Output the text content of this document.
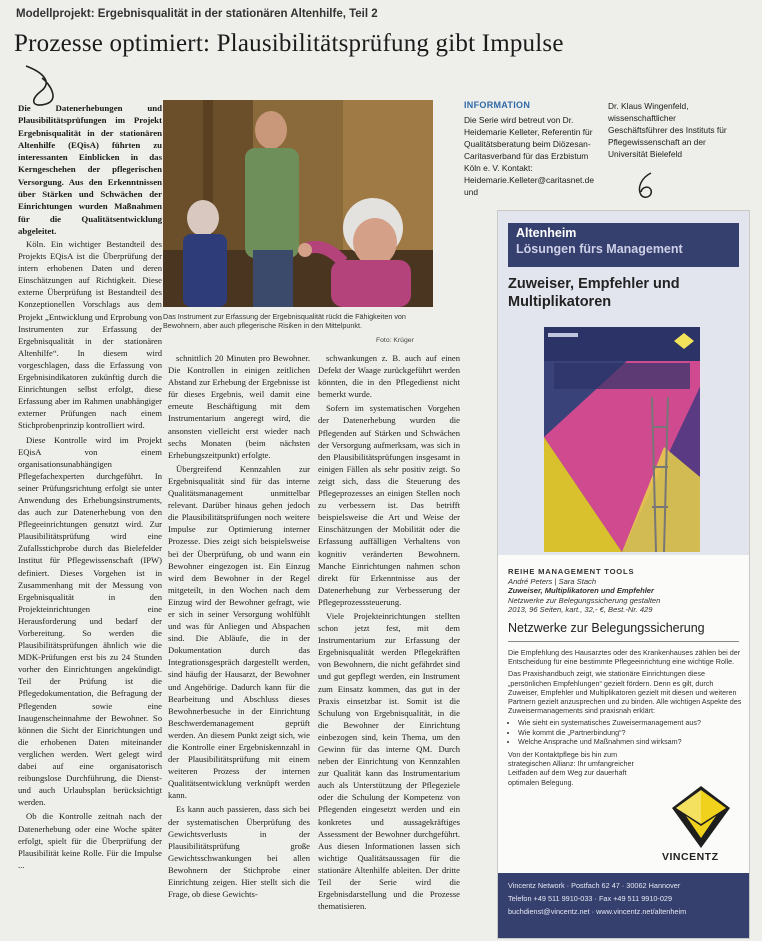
Modellprojekt: Ergebnisqualität in der stationären Altenhilfe, Teil 2
Prozesse optimiert: Plausibilitätsprüfung gibt Impulse
Die Datenerhebungen und Plausibilitätsprüfungen im Projekt Ergebnisqualität in der stationären Altenhilfe (EQisA) führten zu interessanten Einblicken in das Kerngeschehen der pflegerischen Versorgung. Aus den Erkenntnissen über Stärken und Schwächen der Einrichtungen wurden Maßnahmen für die Qualitätsentwicklung abgeleitet.

Köln. Ein wichtiger Bestandteil des Projekts EQisA ist die Überprüfung der intern erhobenen Daten und deren Einschätzungen auf Richtigkeit. Diese externe Überprüfung ist Bestandteil des Konzeptionellen Vorschlags aus dem Projekt „Entwicklung und Erprobung von Instrumenten zur Erfassung der Ergebnisqualität in der stationären Altenhilfe“. In diesem wird vorgeschlagen, dass die Erfassung von Ergebnisindikatoren zukünftig durch die Einrichtungen selbst erfolgt, diese Erfassung aber im Rahmen unabhängiger externer Prüfungen nach einem Stichprobenprinzip kontrolliert wird.

Diese Kontrolle wird im Projekt EQisA von einem organisationsunabhängigen Pflegefachexperten durchgeführt. In seiner Prüfungsrichtung erfolgt sie unter Anwendung des Erhebungsinstruments, das auch zur Datenerhebung von den Pflegeeinrichtungen genutzt wird. Zur Plausibilitätsprüfung wird eine Zufallsstichprobe durch das Bielefelder Institut für Pflegewissenschaft (IPW) definiert. Dieses Vorgehen ist in Zusammenhang mit der Messung von Ergebnisqualität in den Projekteinrichtungen eine Herausforderung und bedarf der Vorbereitung. So werden die Plausibilitätsprüfungen ähnlich wie die MDK-Prüfungen erst bis zu 24 Stunden vorher den Einrichtungen angekündigt. Teil der Prüfung ist die Pflegedokumentation, die Befragung der Pflegenden sowie eine Inaugenscheinnahme der Bewohner. So können die Sicht der Einrichtungen und die erhobenen Daten miteinander verglichen werden. Wert gelegt wird dabei auf eine organisatorisch reibungslose Durchführung, die Dienst- und auch Urlaubsplan berücksichtigt werden.

Ob die Kontrolle zeitnah nach der Datenerhebung oder eine Woche später erfolgt, spielt für die Überprüfung der Plausibilität keine Rolle. Für die Impulse ...

Das Instrument zur Erfassung der Ergebnisqualität rückt die Fähigkeiten von Bewohnern, aber auch pflegerische Risiken in den Mittelpunkt.
Foto: Krüger

schnittlich 20 Minuten pro Bewohner. Die Kontrollen in einigen zeitlichen Abstand zur Erhebung der Ergebnisse ist für dieses Ergebnis, weil damit eine erneute Beschäftigung mit dem Instrumentarium angeregt wird, die ansonsten vielleicht erst wieder nach sechs Monaten (beim nächsten Erhebungszeitpunkt) erfolgte.

Übergreifend Kennzahlen zur Ergebnisqualität sind für das interne Qualitätsmanagement unmittelbar relevant. Darüber hinaus gehen jedoch die Plausibilitätsprüfungen noch weitere Impulse zur Optimierung interner Prozesse. Dies zeigt sich beispielsweise bei der Überprüfung, ob und wann ein Bewohner eingezogen ist. Ein Einzug wird dem Bewohner in der Regel mitgeteilt, in den Wochen nach dem Einzug wird der Bewohner gefragt, wie er sich in seiner Versorgung wohlfühlt und was für Anliegen und Abspachen sind. Die Abläufe, die in der Dokumentation durch das Integrationsgespräch dargestellt werden, sind häufig der Hausarzt, der Bewohner und Angehörige. Dadurch kann für die Bearbeitung und Abschluss dieses Bewohnerbesuche in der Einrichtung Beschwerdemanagement geprüft werden. An diesem Punkt zeigt sich, wie die Kontrolle einer Ergebniskennzahl in der Plausibilitätsprüfung mit einem weiteren Prozess der internen Qualitätsentwicklung verknüpft werden kann.

Es kann auch passieren, dass sich bei der systematischen Überprüfung des Gewichtsverlusts in der Plausibilitätsprüfung große Gewichtsschwankungen bei allen Bewohnern der Stichprobe einer Einrichtung zeigen. Hier stellt sich die Frage, ob diese Gewichts-

schwankungen z. B. auch auf einen Defekt der Waage zurückgeführt werden könnten, die in den Pflegedienst nicht bemerkt wurde.

Sofern im systematischen Vorgehen der Datenerhebung wurden die Pflegenden auf Stärken und Schwächen der Versorgung aufmerksam, was sich in den Plausibilitätsprüfungen insgesamt in einigen Fällen als sehr positiv zeigt. So zeigt sich, dass die Steuerung des Pflegeprozesses an einigen Stellen noch zu verbessern ist. Das betrifft beispielsweise die Art und Weise der Einschätzungen der Mobilität oder die Erfassung auffälligen Verhaltens von kognitiv veränderten Bewohnern. Manche Einrichtungen nahmen schon direkt für Erkenntnisse aus der Datenerhebung zur Verbesserung der Pflegeprozesssteuerung.

Viele Projekteinrichtungen stellten schon jetzt fest, mit dem Instrumentarium zur Erfassung der Ergebnisqualität werden Pflegekräften von Bewohnern, die nicht gefährdet sind und gut gepflegt werden, ein Instrument zum Einsatz kommen, das gut in der Praxis einsetzbar ist. Somit ist die Schulung von Ergebnisqualität, in die die Bewohner der Einrichtung einbezogen sind, kein Thema, um den Gewinn für das interne QM. Durch neben der Einrichtung von Kennzahlen zur Qualität kann das Instrumentarium auch als Unterstützung der Pflegeziele oder die Schulung der Kompetenz von Pflegenden eingesetzt werden und ein konkretes und aussagekräftiges Assessment der Bewohner durchgeführt. Aus diesen Informationen lassen sich wichtige Qualitätsaussagen für die stationäre Altenhilfe ableiten. Der dritte Teil der Serie wird die Ergebnisdarstellung und die Prozesse thematisieren.

INFORMATION
Die Serie wird betreut von Dr. Heidemarie Kelleter, Referentin für Qualitätsberatung beim Diözesan-Caritasverband für das Erzbistum Köln e. V. Kontakt: Heidemarie.Kelleter@caritasnet.de und
Dr. Klaus Wingenfeld, wissenschaftlicher Geschäftsführer des Instituts für Pflegewissenschaft an der Universität Bielefeld
Altenheim
Lösungen fürs Management
Zuweiser, Empfehler und
Multiplikatoren
REIHE MANAGEMENT TOOLS
André Peters | Sara Stach
Zuweiser, Multiplikatoren und Empfehler
Netzwerke zur Belegungssicherung gestalten
2013, 96 Seiten, kart., 32,- €, Best.-Nr. 429
Netzwerke zur Belegungssicherung

Die Empfehlung des Hausarztes oder des Krankenhauses zählen bei der Entscheidung für eine bestimmte Pflegeeinrichtung eine wichtige Rolle.

Das Praxishandbuch zeigt, wie stationäre Einrichtungen diese „persönlichen Empfehlungen“ gezielt fördern. Denn es gilt, durch Zuweiser, Empfehler und Multiplikatoren gezielt mit diesen und weiteren Partnern gezielt anzusprechen und zu binden. Alle wichtigen Aspekte des Zuweisermanagements sind praxisnah erklärt:

• Wie sieht ein systematisches Zuweisermanagement aus?
• Wie kommt die „Partnerbindung“?
• Welche Ansprache und Maßnahmen sind wirksam?

Von der Kontaktpflege bis hin zum strategischen Allianz: Ihr umfangreicher Leitfaden auf dem Weg zur dauerhaft optimalen Belegung.

VINCENTZ
Vincentz Network · Postfach 62 47 · 30062 Hannover
Telefon +49 511 9910-033 · Fax +49 511 9910-029
buchdienst@vincentz.net · www.vincentz.net/altenheim
